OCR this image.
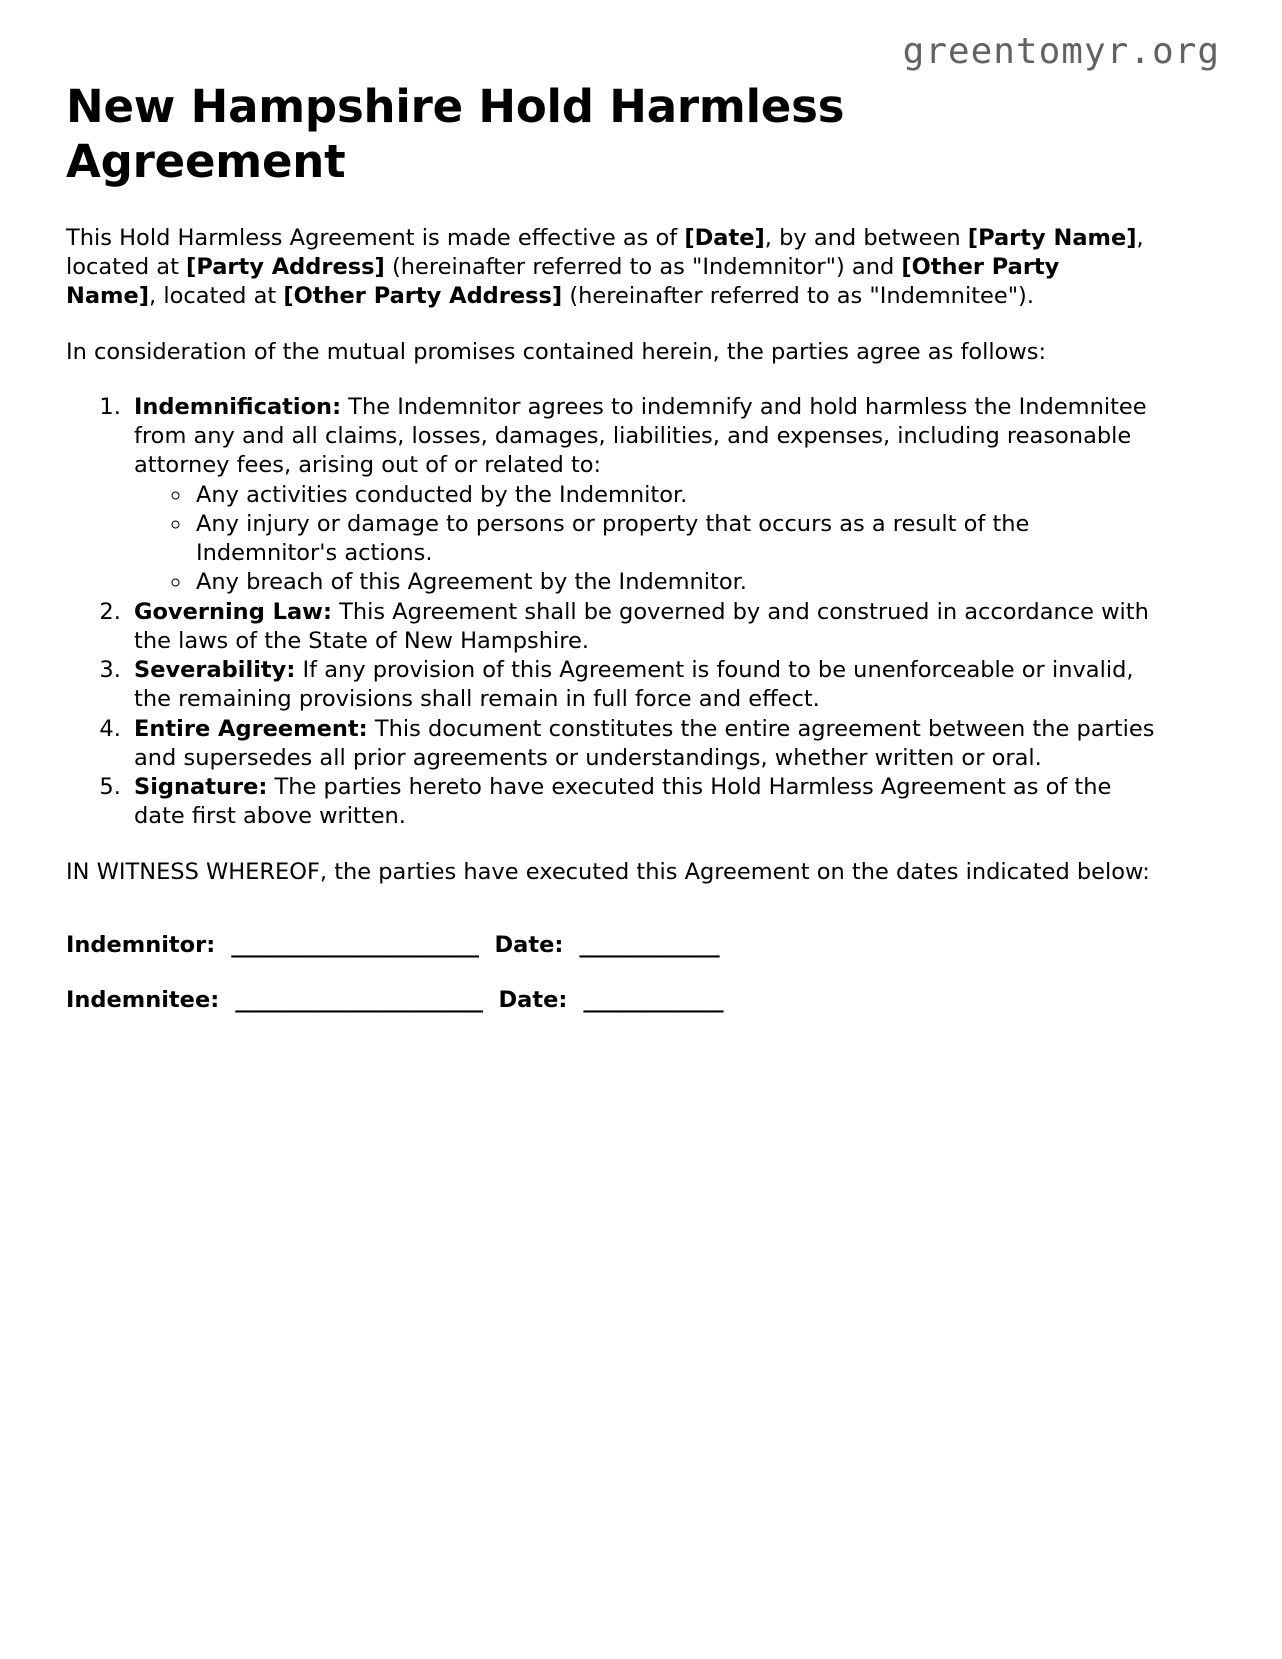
greentomyr.org
New Hampshire Hold Harmless Agreement

This Hold Harmless Agreement is made effective as of [Date], by and between [Party Name], located at [Party Address] (hereinafter referred to as "Indemnitor") and [Other Party Name], located at [Other Party Address] (hereinafter referred to as "Indemnitee").

In consideration of the mutual promises contained herein, the parties agree as follows:

1. Indemnification: The Indemnitor agrees to indemnify and hold harmless the Indemnitee from any and all claims, losses, damages, liabilities, and expenses, including reasonable attorney fees, arising out of or related to:
◦ Any activities conducted by the Indemnitor.
◦ Any injury or damage to persons or property that occurs as a result of the Indemnitor's actions.
◦ Any breach of this Agreement by the Indemnitor.
2. Governing Law: This Agreement shall be governed by and construed in accordance with the laws of the State of New Hampshire.
3. Severability: If any provision of this Agreement is found to be unenforceable or invalid, the remaining provisions shall remain in full force and effect.
4. Entire Agreement: This document constitutes the entire agreement between the parties and supersedes all prior agreements or understandings, whether written or oral.
5. Signature: The parties hereto have executed this Hold Harmless Agreement as of the date first above written.

IN WITNESS WHEREOF, the parties have executed this Agreement on the dates indicated below:

Indemnitor: _______________________ Date: _____________
Indemnitee: _______________________ Date: _____________
